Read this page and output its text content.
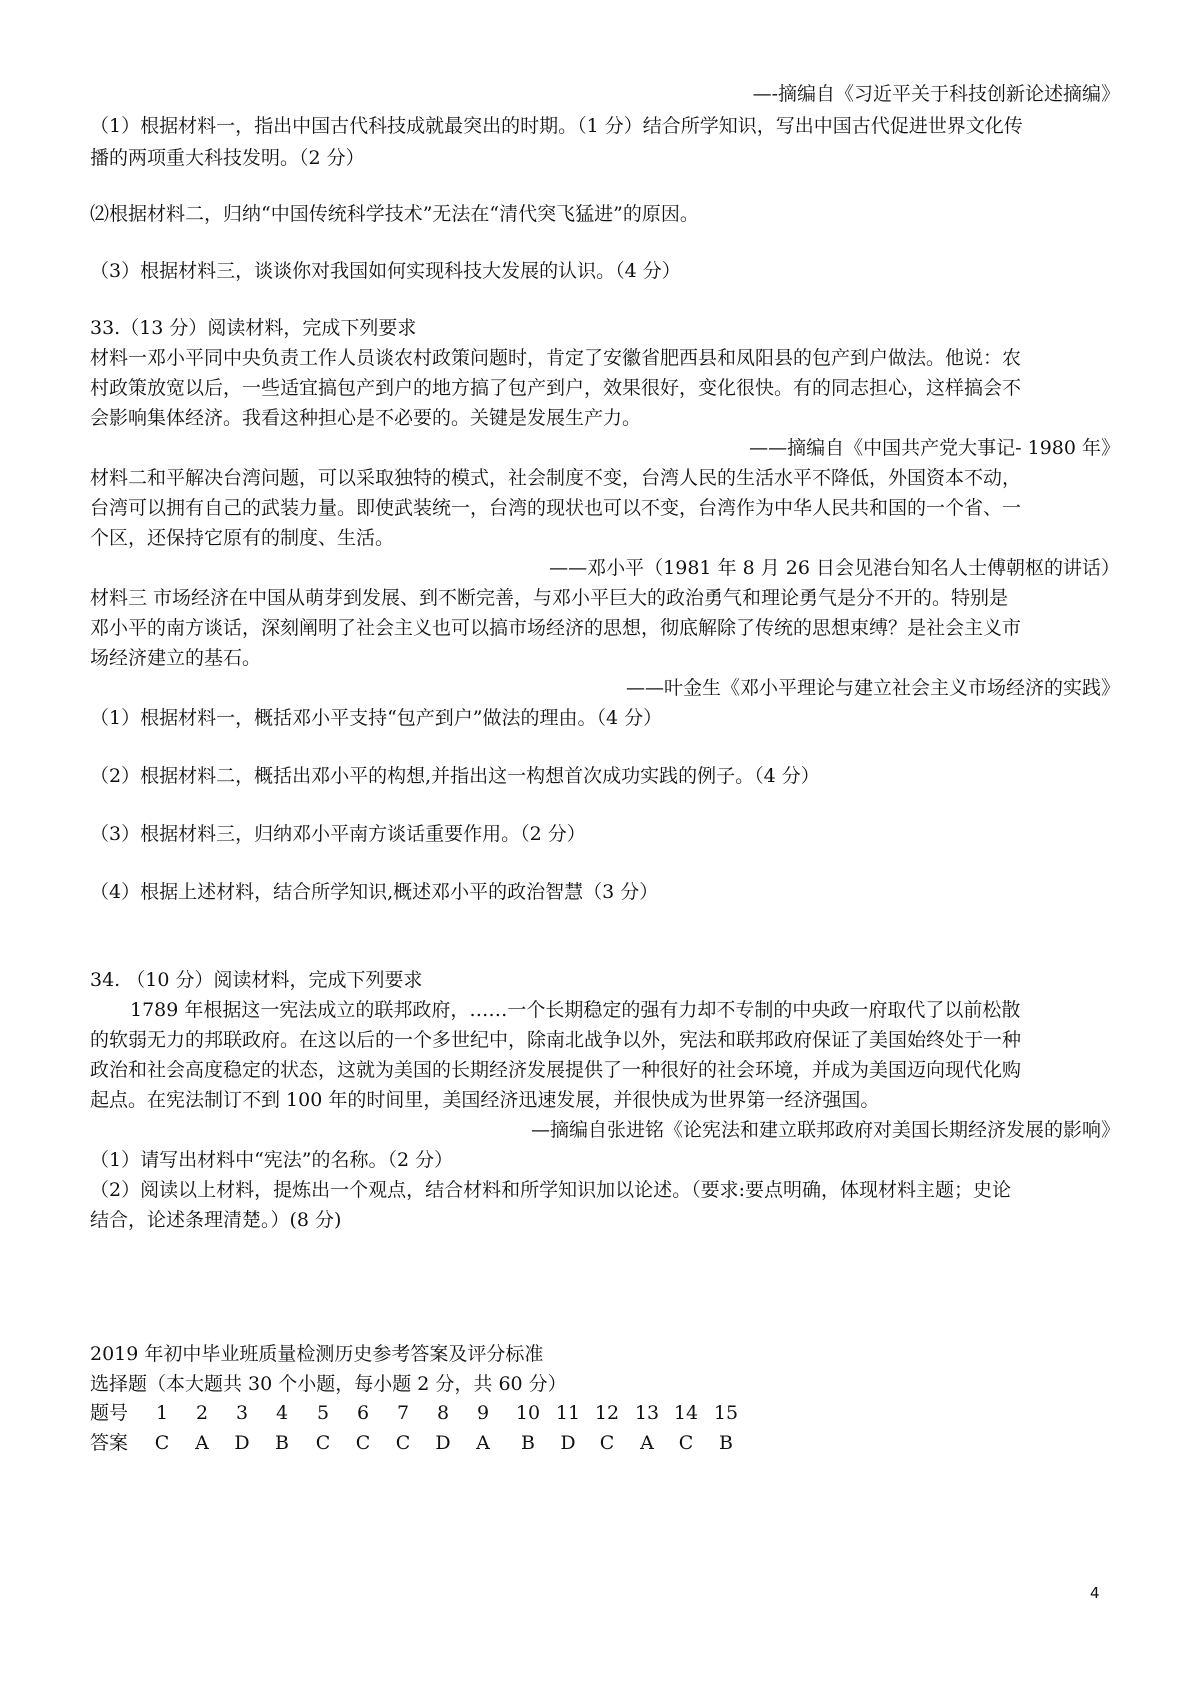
—-摘编自《习近平关于科技创新论述摘编》
（1）根据材料一，指出中国古代科技成就最突出的时期。（1 分）结合所学知识，写出中国古代促进世界文化传
播的两项重大科技发明。（2 分）
⑵根据材料二，归纳“中国传统科学技术”无法在“清代突飞猛进”的原因。
（3）根据材料三，谈谈你对我国如何实现科技大发展的认识。（4 分）
33.（13 分）阅读材料，完成下列要求
材料一邓小平同中央负责工作人员谈农村政策问题时，肯定了安徽省肥西县和凤阳县的包产到户做法。他说：农
村政策放宽以后，一些适宜搞包产到户的地方搞了包产到户，效果很好，变化很快。有的同志担心，这样搞会不
会影响集体经济。我看这种担心是不必要的。关键是发展生产力。
——摘编自《中国共产党大事记- 1980 年》
材料二和平解决台湾问题，可以采取独特的模式，社会制度不变，台湾人民的生活水平不降低，外国资本不动，
台湾可以拥有自己的武装力量。即使武装统一，台湾的现状也可以不变，台湾作为中华人民共和国的一个省、一
个区，还保持它原有的制度、生活。
——邓小平（1981 年 8 月 26 日会见港台知名人士傅朝枢的讲话）
材料三 市场经济在中国从萌芽到发展、到不断完善，与邓小平巨大的政治勇气和理论勇气是分不开的。特别是
邓小平的南方谈话，深刻阐明了社会主义也可以搞市场经济的思想，彻底解除了传统的思想束缚？是社会主义市
场经济建立的基石。
——叶金生《邓小平理论与建立社会主义市场经济的实践》
（1）根据材料一，概括邓小平支持“包产到户”做法的理由。（4 分）
（2）根据材料二，概括出邓小平的构想,并指出这一构想首次成功实践的例子。（4 分）
（3）根据材料三，归纳邓小平南方谈话重要作用。（2 分）
（4）根据上述材料，结合所学知识,概述邓小平的政治智慧（3 分）
34. （10 分）阅读材料，完成下列要求
1789 年根据这一宪法成立的联邦政府，……一个长期稳定的强有力却不专制的中央政一府取代了以前松散
的软弱无力的邦联政府。在这以后的一个多世纪中，除南北战争以外，宪法和联邦政府保证了美国始终处于一种
政治和社会高度稳定的状态，这就为美国的长期经济发展提供了一种很好的社会环境，并成为美国迈向现代化购
起点。在宪法制订不到 100 年的时间里，美国经济迅速发展，并很快成为世界第一经济强国。
—摘编自张进铭《论宪法和建立联邦政府对美国长期经济发展的影响》
（1）请写出材料中“宪法”的名称。（2 分）
（2）阅读以上材料，提炼出一个观点，结合材料和所学知识加以论述。（要求:要点明确，体现材料主题；史论
结合，论述条理清楚。）(8 分)
2019 年初中毕业班质量检测历史参考答案及评分标准
选择题（本大题共 30 个小题，每小题 2 分，共 60 分）
题号	1	2	3	4	5	6	7	8	9	10 11 12 13 14 15
答案	C	A	D	B	C	C	C	D	A	B	D	C	A	C	B
4
